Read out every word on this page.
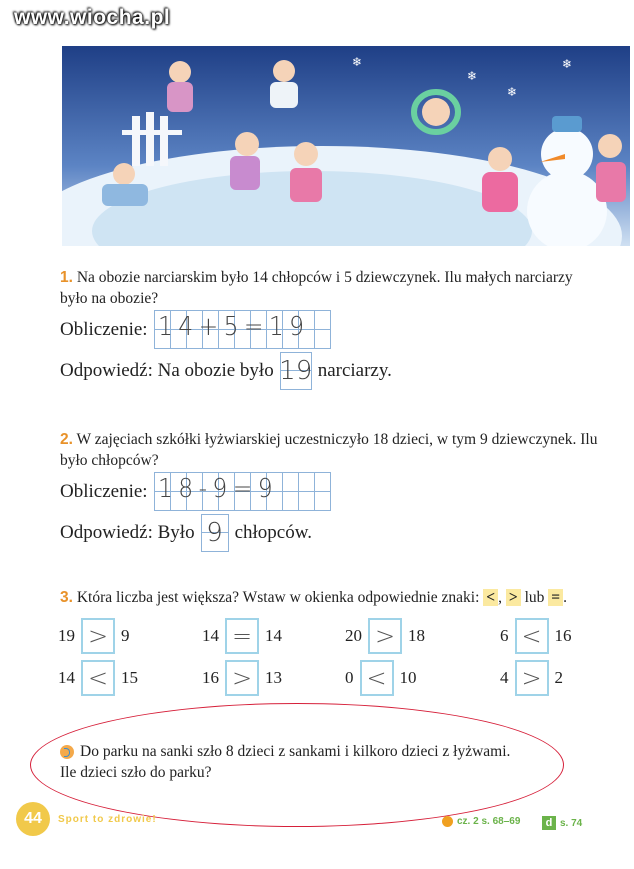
www.wiocha.pl
❄
❄
❄
❄
1. Na obozie narciarskim było 14 chłopców i 5 dziewczynek. Ilu małych narciarzy było na obozie?
Obliczenie: 14+5=19
Odpowiedź: Na obozie było 19 narciarzy.
2. W zajęciach szkółki łyżwiarskiej uczestniczyło 18 dzieci, w tym 9 dziewczynek. Ilu było chłopców?
Obliczenie: 18-9=9
Odpowiedź: Było 9 chłopców.
3. Która liczba jest większa? Wstaw w okienka odpowiednie znaki: < , > lub = .
19 > 9	14 = 14	20 > 18	6 < 16
14 < 15	16 > 13	0 < 10	4 > 2
Do parku na sanki szło 8 dzieci z sankami i kilkoro dzieci z łyżwami.
Ile dzieci szło do parku?
44	Sport to zdrowie!	cz. 2 s. 68–69	d s. 74
